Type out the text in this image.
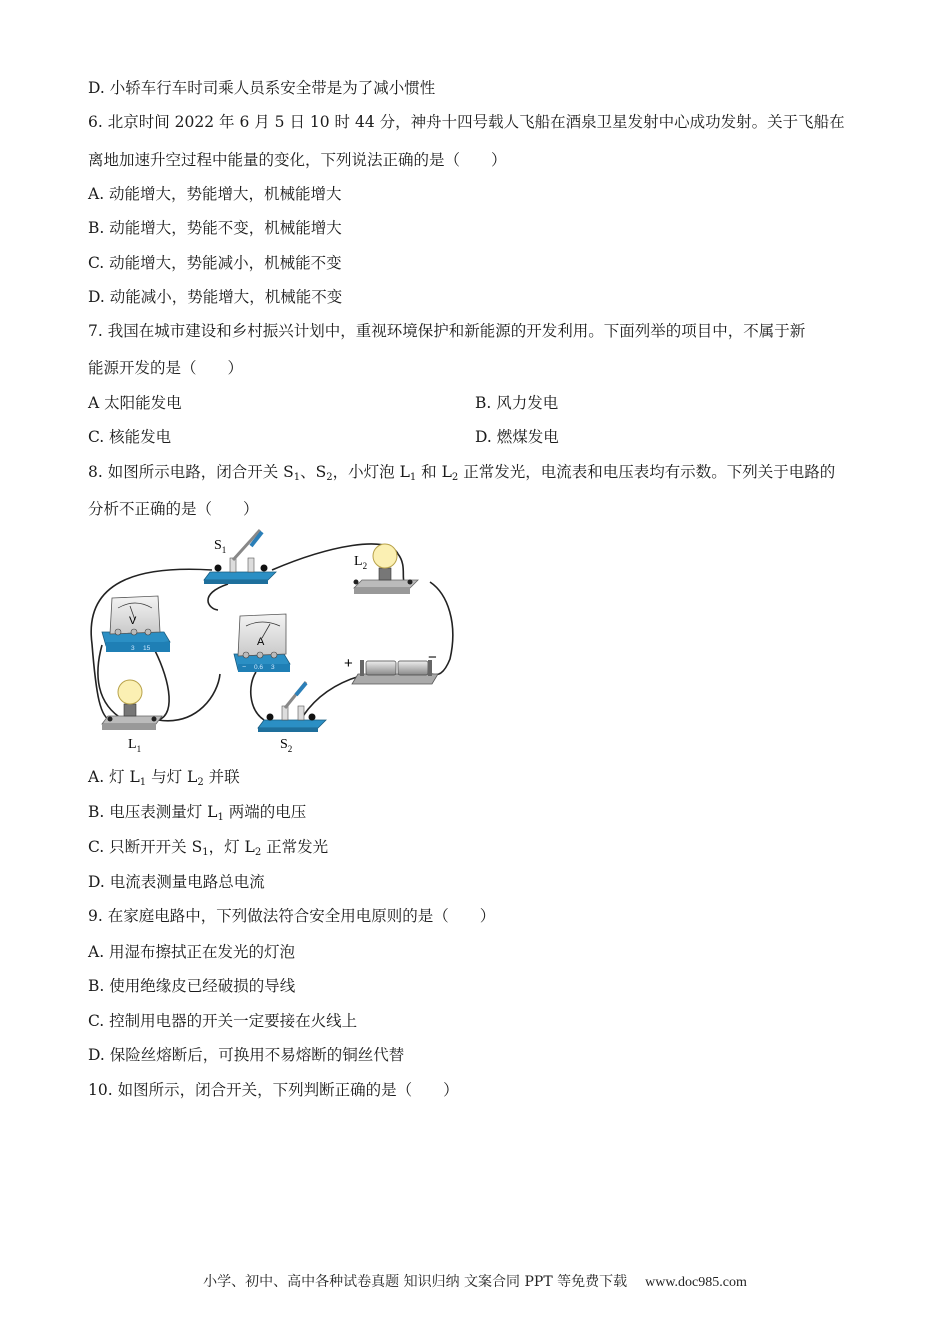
D. 小轿车行车时司乘人员系安全带是为了减小惯性
6. 北京时间 2022 年 6 月 5 日 10 时 44 分，神舟十四号载人飞船在酒泉卫星发射中心成功发射。关于飞船在
离地加速升空过程中能量的变化，下列说法正确的是（　　）
A. 动能增大，势能增大，机械能增大
B. 动能增大，势能不变，机械能增大
C. 动能增大，势能减小，机械能不变
D. 动能减小，势能增大，机械能不变
7. 我国在城市建设和乡村振兴计划中，重视环境保护和新能源的开发利用。下面列举的项目中，不属于新
能源开发的是（　　）
A 太阳能发电	B. 风力发电
C. 核能发电	D. 燃煤发电
8. 如图所示电路，闭合开关 $S_1$、$S_2$，小灯泡 $L_1$ 和 $L_2$ 正常发光，电流表和电压表均有示数。下列关于电路的
分析不正确的是（　　）
$S_1$
$L_2$
V
3 15
A
− 0.6 3	+	−
$L_1$	$S_2$
A. 灯 $L_1$ 与灯 $L_2$ 并联
B. 电压表测量灯 $L_1$ 两端的电压
C. 只断开开关 $S_1$，灯 $L_2$ 正常发光
D. 电流表测量电路总电流
9. 在家庭电路中，下列做法符合安全用电原则的是（　　）
A. 用湿布擦拭正在发光的灯泡
B. 使用绝缘皮已经破损的导线
C. 控制用电器的开关一定要接在火线上
D. 保险丝熔断后，可换用不易熔断的铜丝代替
10. 如图所示，闭合开关，下列判断正确的是（　　）
小学、初中、高中各种试卷真题 知识归纳 文案合同 PPT 等免费下载 www.doc985.com
